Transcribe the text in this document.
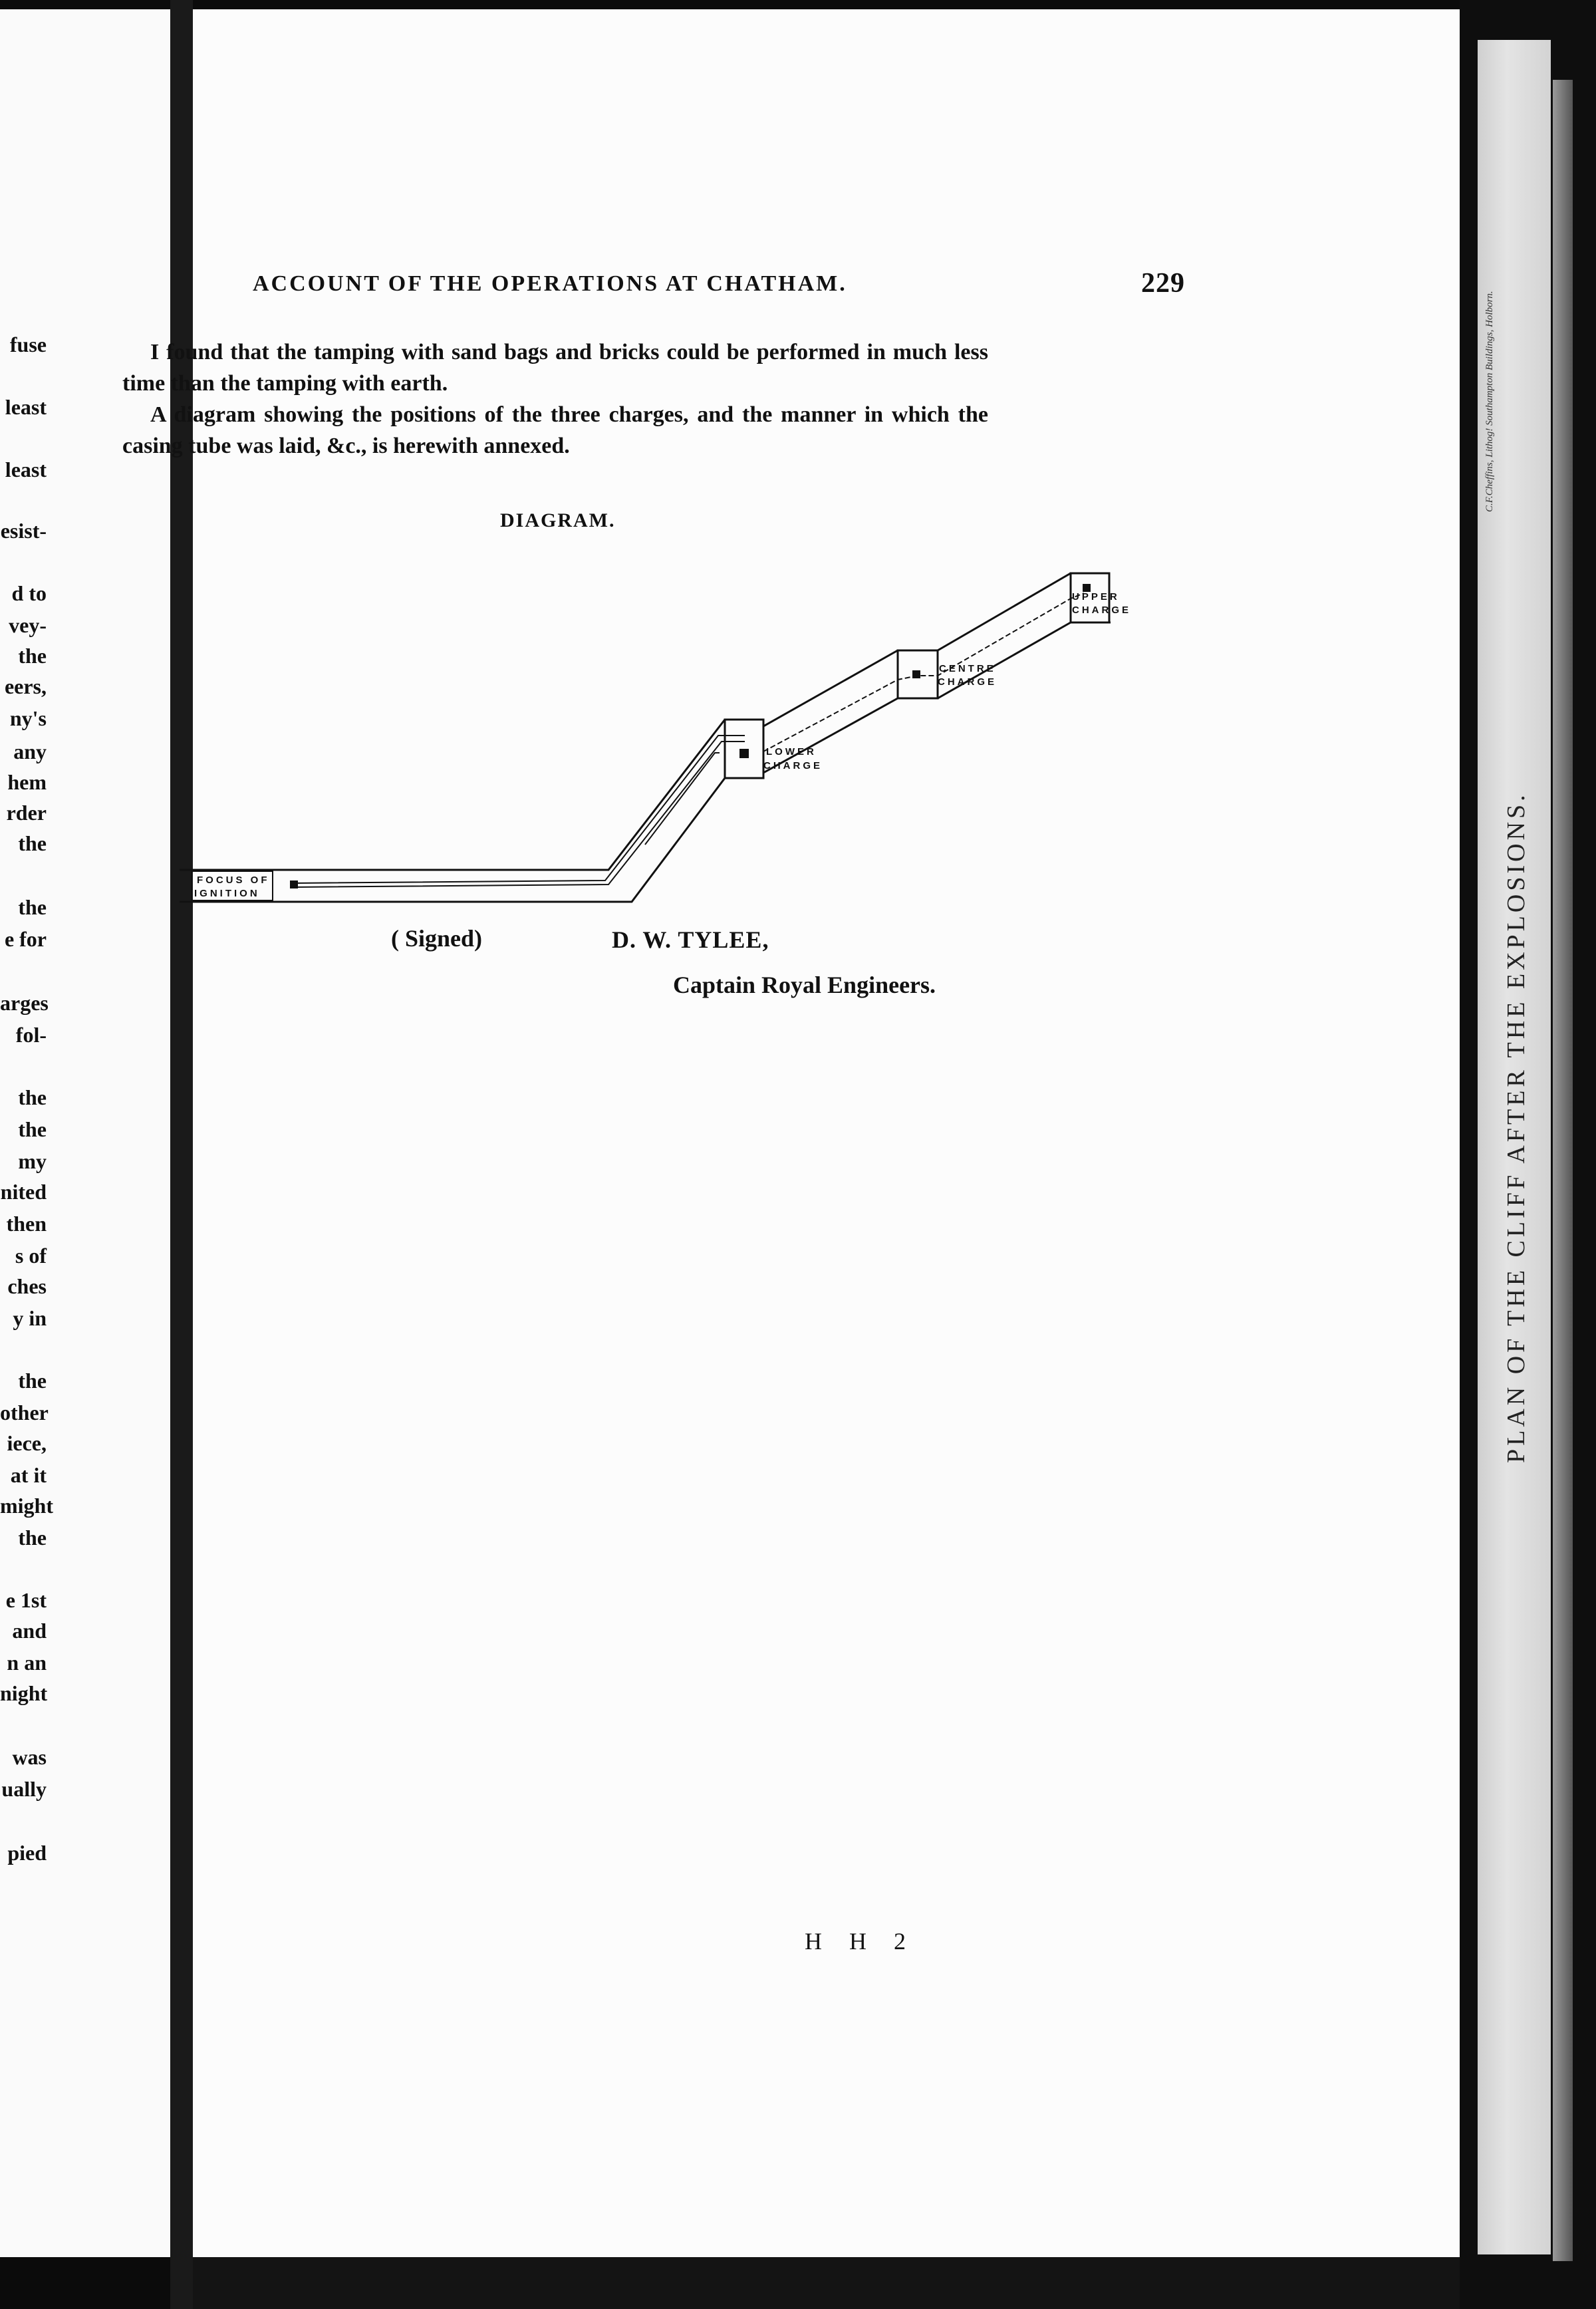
fuse
least
least
esist-
d to
vey-
the
eers,
ny's
any
hem
rder
the
the
e for
arges
fol-
the
the
my
nited
then
s of
ches
y in
the
other
iece,
at it
might
the
e 1st
and
n an
night
was
ually
pied
ACCOUNT OF THE OPERATIONS AT CHATHAM.	229

I found that the tamping with sand bags and bricks could be performed in much less time than the tamping with earth.

A diagram showing the positions of the three charges, and the manner in which the casing tube was laid, &c., is herewith annexed.

DIAGRAM.
FOCUS OF
IGNITION
LOWER
CHARGE
CENTRE
CHARGE
UPPER
CHARGE
( Signed)	D. W. TYLEE,
Captain Royal Engineers.
H H 2
PLAN OF THE CLIFF AFTER THE EXPLOSIONS.
C.F.Cheffins, Lithog! Southampton Buildings, Holborn.
